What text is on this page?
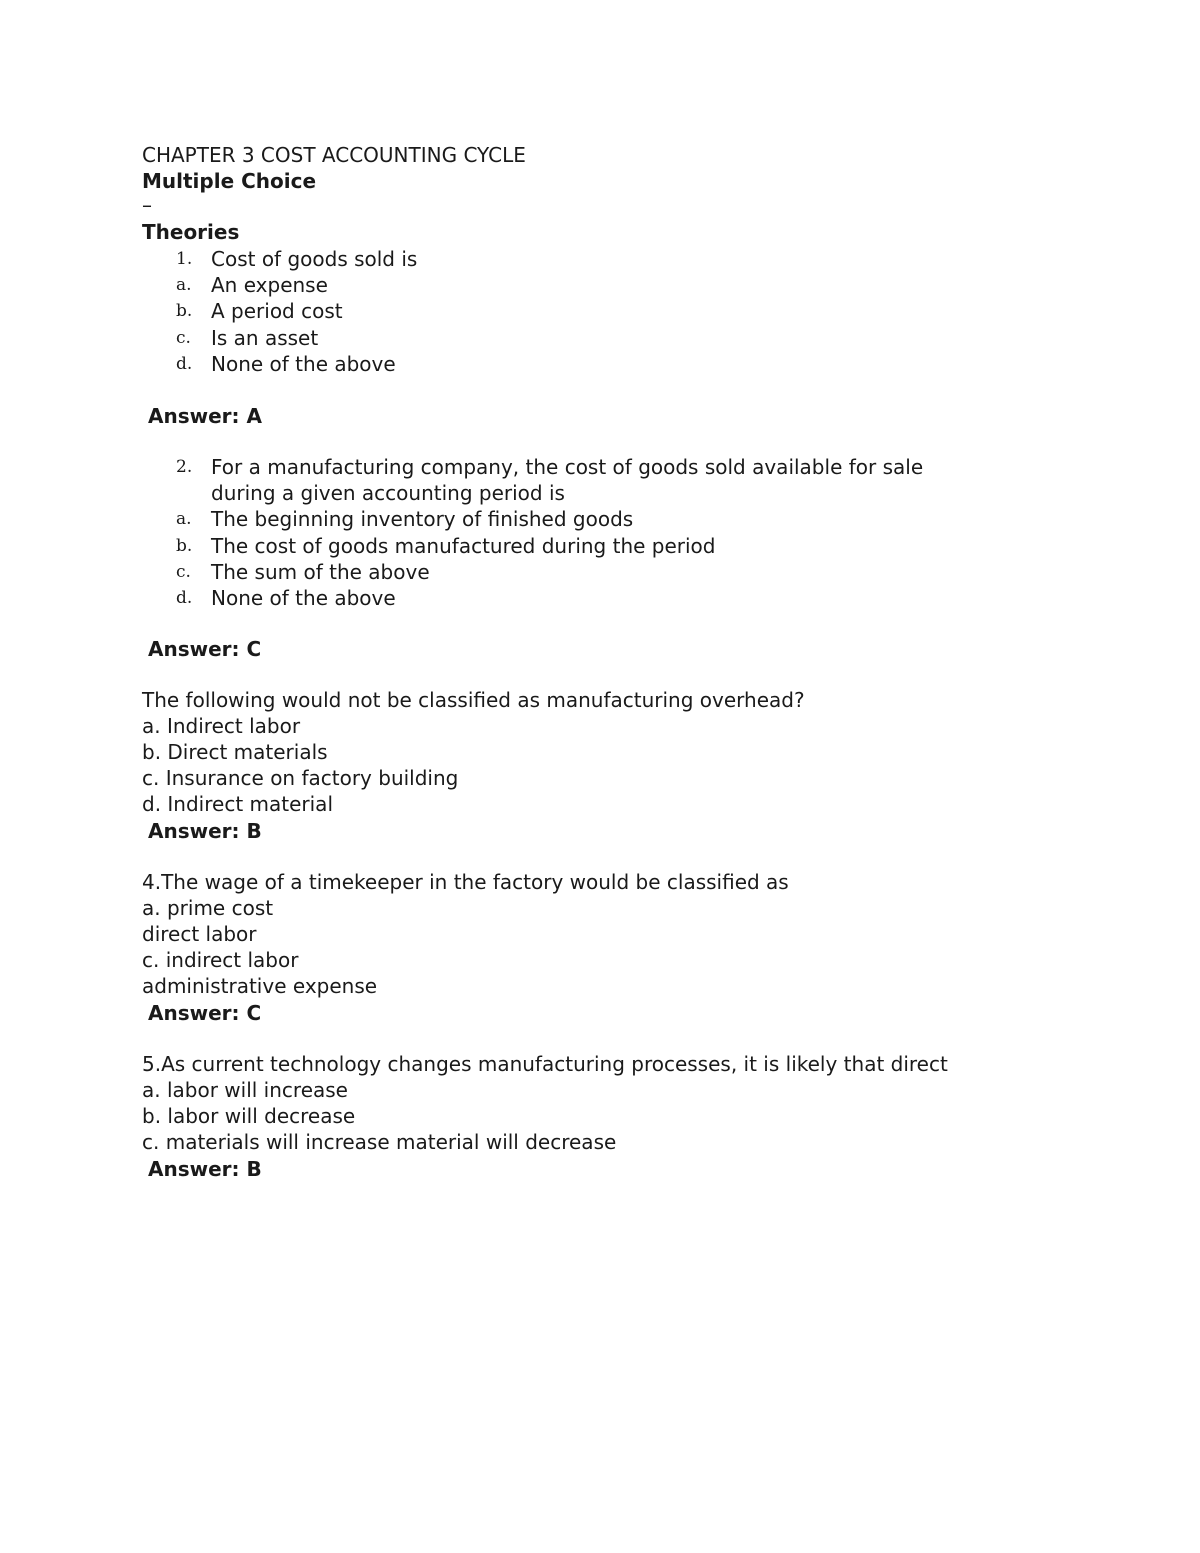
CHAPTER 3 COST ACCOUNTING CYCLE
Multiple Choice
–
Theories
1. Cost of goods sold is
a. An expense
b. A period cost
c. Is an asset
d. None of the above
Answer: A
2. For a manufacturing company, the cost of goods sold available for sale
during a given accounting period is
a. The beginning inventory of finished goods
b. The cost of goods manufactured during the period
c. The sum of the above
d. None of the above
Answer: C
The following would not be classified as manufacturing overhead?
a. Indirect labor
b. Direct materials
c. Insurance on factory building
d. Indirect material
Answer: B
4.The wage of a timekeeper in the factory would be classified as
a. prime cost
direct labor
c. indirect labor
administrative expense
Answer: C
5.As current technology changes manufacturing processes, it is likely that direct
a. labor will increase
b. labor will decrease
c. materials will increase material will decrease
Answer: B
